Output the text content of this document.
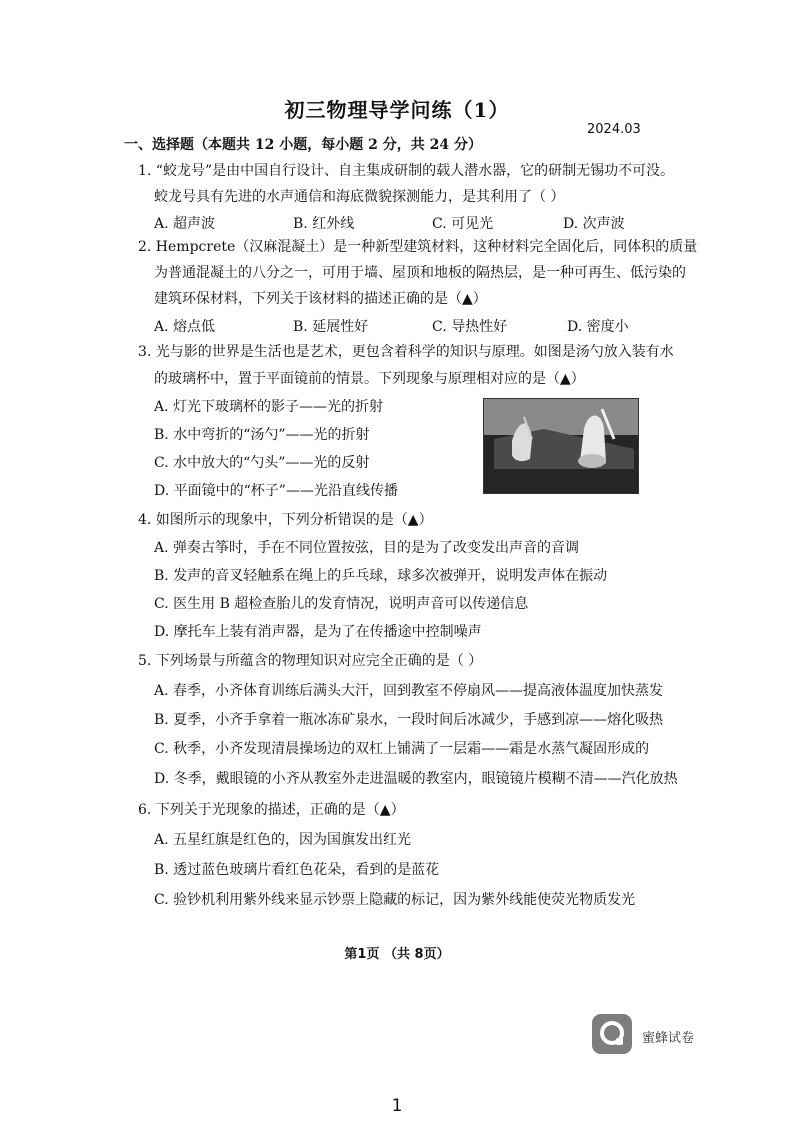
初三物理导学问练（1）
2024.03
一、选择题（本题共 12 小题，每小题 2 分，共 24 分）
1. “蛟龙号”是由中国自行设计、自主集成研制的载人潜水器，它的研制无锡功不可没。
蛟龙号具有先进的水声通信和海底微貌探测能力，是其利用了（ ）
A. 超声波	B. 红外线	C. 可见光	D. 次声波
2. Hempcrete（汉麻混凝土）是一种新型建筑材料，这种材料完全固化后，同体积的质量
为普通混凝土的八分之一，可用于墙、屋顶和地板的隔热层，是一种可再生、低污染的
建筑环保材料，下列关于该材料的描述正确的是（▲）
A. 熔点低	B. 延展性好	C. 导热性好	D. 密度小
3. 光与影的世界是生活也是艺术，更包含着科学的知识与原理。如图是汤勺放入装有水
的玻璃杯中，置于平面镜前的情景。下列现象与原理相对应的是（▲）
A. 灯光下玻璃杯的影子——光的折射
B. 水中弯折的“汤勺”——光的折射
C. 水中放大的“勺头”——光的反射
D. 平面镜中的“杯子”——光沿直线传播
4. 如图所示的现象中，下列分析错误的是（▲）
A. 弹奏古筝时，手在不同位置按弦，目的是为了改变发出声音的音调
B. 发声的音叉轻触系在绳上的乒乓球，球多次被弹开，说明发声体在振动
C. 医生用 B 超检查胎儿的发育情况，说明声音可以传递信息
D. 摩托车上装有消声器，是为了在传播途中控制噪声
5. 下列场景与所蕴含的物理知识对应完全正确的是（ ）
A. 春季，小齐体育训练后满头大汗，回到教室不停扇风——提高液体温度加快蒸发
B. 夏季，小齐手拿着一瓶冰冻矿泉水，一段时间后冰减少，手感到凉——熔化吸热
C. 秋季，小齐发现清晨操场边的双杠上铺满了一层霜——霜是水蒸气凝固形成的
D. 冬季，戴眼镜的小齐从教室外走进温暖的教室内，眼镜镜片模糊不清——汽化放热
6. 下列关于光现象的描述，正确的是（▲）
A. 五星红旗是红色的，因为国旗发出红光
B. 透过蓝色玻璃片看红色花朵，看到的是蓝花
C. 验钞机利用紫外线来显示钞票上隐藏的标记，因为紫外线能使荧光物质发光
第1页 （共 8页）
蜜蜂试卷
1
